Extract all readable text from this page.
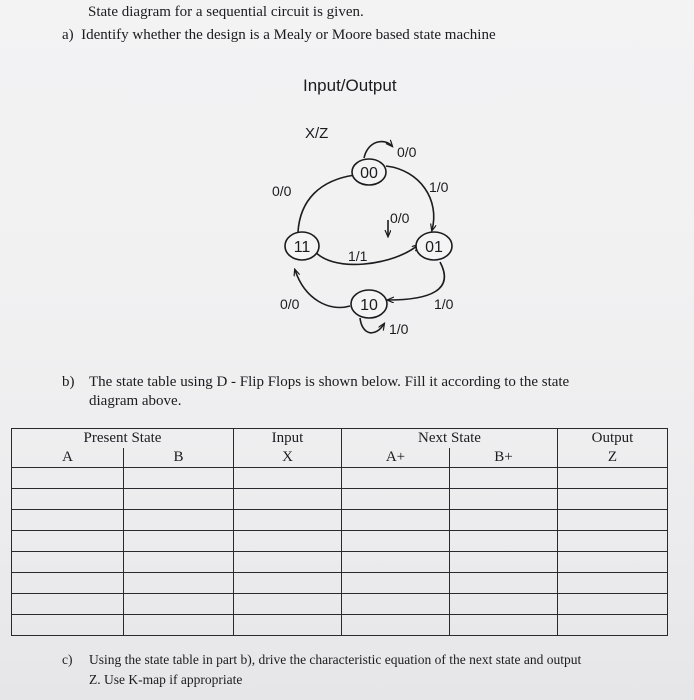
State diagram for a sequential circuit is given.
a) Identify whether the design is a Mealy or Moore based state machine
Input/Output
X/Z
00
01
11
10
0/0
0/0	1/0
0/0
1/1
0/0	1/0
1/0
b) The state table using D - Flip Flops is shown below. Fill it according to the state
diagram above.
Present State		Input	Next State		Output
A	B	X	A+	B+	Z

c) Using the state table in part b), drive the characteristic equation of the next state and output
Z. Use K-map if appropriate
